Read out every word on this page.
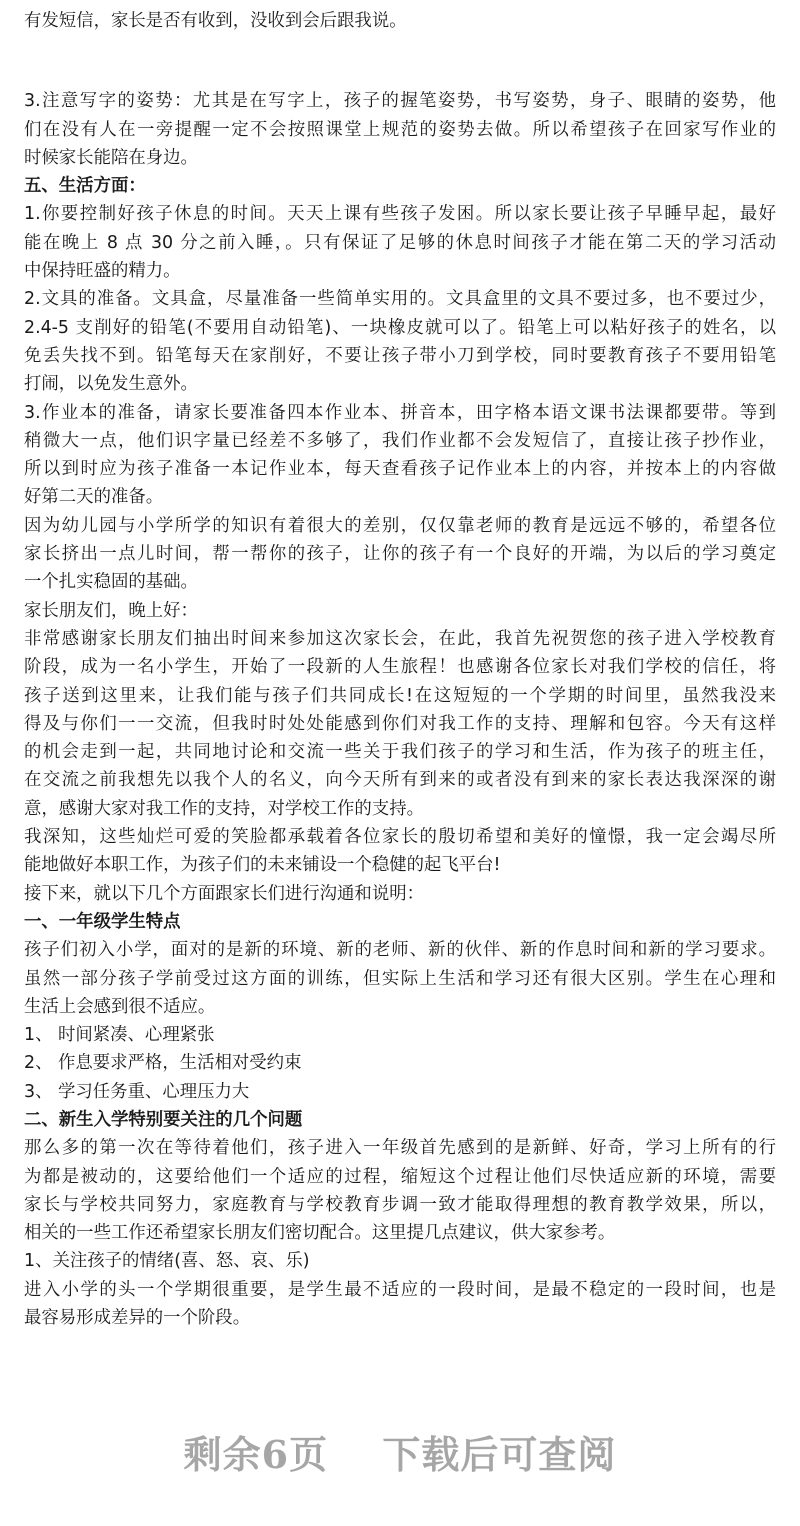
有发短信，家长是否有收到，没收到会后跟我说。
3.注意写字的姿势：尤其是在写字上，孩子的握笔姿势，书写姿势，身子、眼睛的姿势，他
们在没有人在一旁提醒一定不会按照课堂上规范的姿势去做。所以希望孩子在回家写作业的
时候家长能陪在身边。
五、生活方面：
1.你要控制好孩子休息的时间。天天上课有些孩子发困。所以家长要让孩子早睡早起，最好
能在晚上 8 点 30 分之前入睡，。只有保证了足够的休息时间孩子才能在第二天的学习活动
中保持旺盛的精力。
2.文具的准备。文具盒，尽量准备一些简单实用的。文具盒里的文具不要过多，也不要过少，
2.4-5 支削好的铅笔(不要用自动铅笔)、一块橡皮就可以了。铅笔上可以粘好孩子的姓名，以
免丢失找不到。铅笔每天在家削好，不要让孩子带小刀到学校，同时要教育孩子不要用铅笔
打闹，以免发生意外。
3.作业本的准备，请家长要准备四本作业本、拼音本，田字格本语文课书法课都要带。等到
稍微大一点，他们识字量已经差不多够了，我们作业都不会发短信了，直接让孩子抄作业，
所以到时应为孩子准备一本记作业本，每天查看孩子记作业本上的内容，并按本上的内容做
好第二天的准备。
因为幼儿园与小学所学的知识有着很大的差别，仅仅靠老师的教育是远远不够的，希望各位
家长挤出一点儿时间，帮一帮你的孩子，让你的孩子有一个良好的开端，为以后的学习奠定
一个扎实稳固的基础。
家长朋友们，晚上好：
非常感谢家长朋友们抽出时间来参加这次家长会，在此，我首先祝贺您的孩子进入学校教育
阶段，成为一名小学生，开始了一段新的人生旅程！也感谢各位家长对我们学校的信任，将
孩子送到这里来，让我们能与孩子们共同成长!在这短短的一个学期的时间里，虽然我没来
得及与你们一一交流，但我时时处处能感到你们对我工作的支持、理解和包容。今天有这样
的机会走到一起，共同地讨论和交流一些关于我们孩子的学习和生活，作为孩子的班主任，
在交流之前我想先以我个人的名义，向今天所有到来的或者没有到来的家长表达我深深的谢
意，感谢大家对我工作的支持，对学校工作的支持。
我深知，这些灿烂可爱的笑脸都承载着各位家长的殷切希望和美好的憧憬，我一定会竭尽所
能地做好本职工作，为孩子们的未来铺设一个稳健的起飞平台!
接下来，就以下几个方面跟家长们进行沟通和说明：
一、一年级学生特点
孩子们初入小学，面对的是新的环境、新的老师、新的伙伴、新的作息时间和新的学习要求。
虽然一部分孩子学前受过这方面的训练，但实际上生活和学习还有很大区别。学生在心理和
生活上会感到很不适应。
1、 时间紧凑、心理紧张
2、 作息要求严格，生活相对受约束
3、 学习任务重、心理压力大
二、新生入学特别要关注的几个问题
那么多的第一次在等待着他们，孩子进入一年级首先感到的是新鲜、好奇，学习上所有的行
为都是被动的，这要给他们一个适应的过程，缩短这个过程让他们尽快适应新的环境，需要
家长与学校共同努力，家庭教育与学校教育步调一致才能取得理想的教育教学效果，所以，
相关的一些工作还希望家长朋友们密切配合。这里提几点建议，供大家参考。
1、关注孩子的情绪(喜、怒、哀、乐)
进入小学的头一个学期很重要，是学生最不适应的一段时间，是最不稳定的一段时间，也是
最容易形成差异的一个阶段。
剩余6页 下载后可查阅
